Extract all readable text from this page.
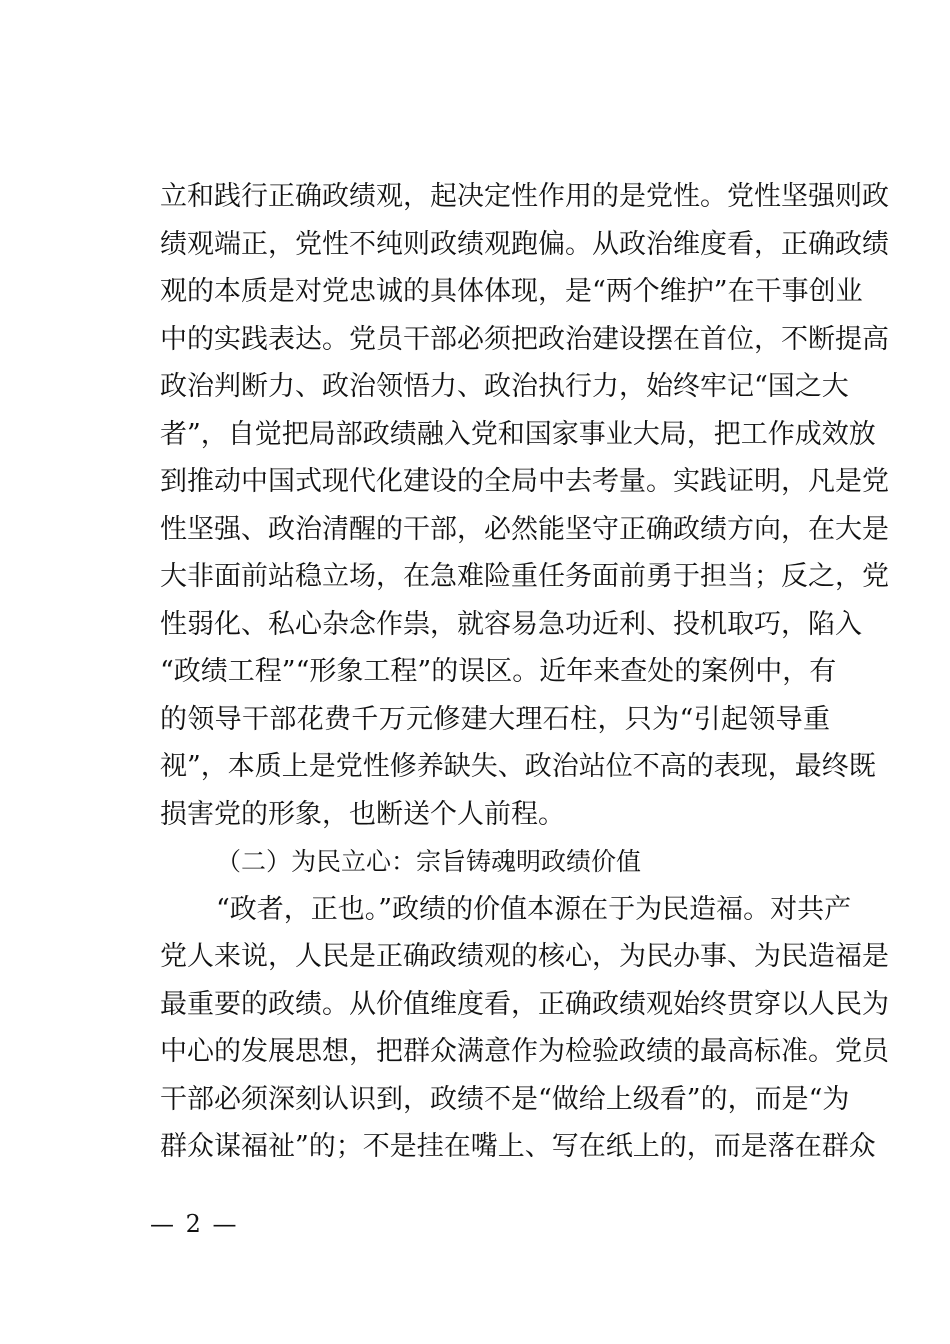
立和践行正确政绩观，起决定性作用的是党性。党性坚强则政
绩观端正，党性不纯则政绩观跑偏。从政治维度看，正确政绩
观的本质是对党忠诚的具体体现，是“两个维护”在干事创业
中的实践表达。党员干部必须把政治建设摆在首位，不断提高
政治判断力、政治领悟力、政治执行力，始终牢记“国之大
者”，自觉把局部政绩融入党和国家事业大局，把工作成效放
到推动中国式现代化建设的全局中去考量。实践证明，凡是党
性坚强、政治清醒的干部，必然能坚守正确政绩方向，在大是
大非面前站稳立场，在急难险重任务面前勇于担当；反之，党
性弱化、私心杂念作祟，就容易急功近利、投机取巧，陷入
“政绩工程”“形象工程”的误区。近年来查处的案例中，有
的领导干部花费千万元修建大理石柱，只为“引起领导重
视”，本质上是党性修养缺失、政治站位不高的表现，最终既
损害党的形象，也断送个人前程。
（二）为民立心：宗旨铸魂明政绩价值
“政者，正也。”政绩的价值本源在于为民造福。对共产
党人来说，人民是正确政绩观的核心，为民办事、为民造福是
最重要的政绩。从价值维度看，正确政绩观始终贯穿以人民为
中心的发展思想，把群众满意作为检验政绩的最高标准。党员
干部必须深刻认识到，政绩不是“做给上级看”的，而是“为
群众谋福祉”的；不是挂在嘴上、写在纸上的，而是落在群众
— 2 —
